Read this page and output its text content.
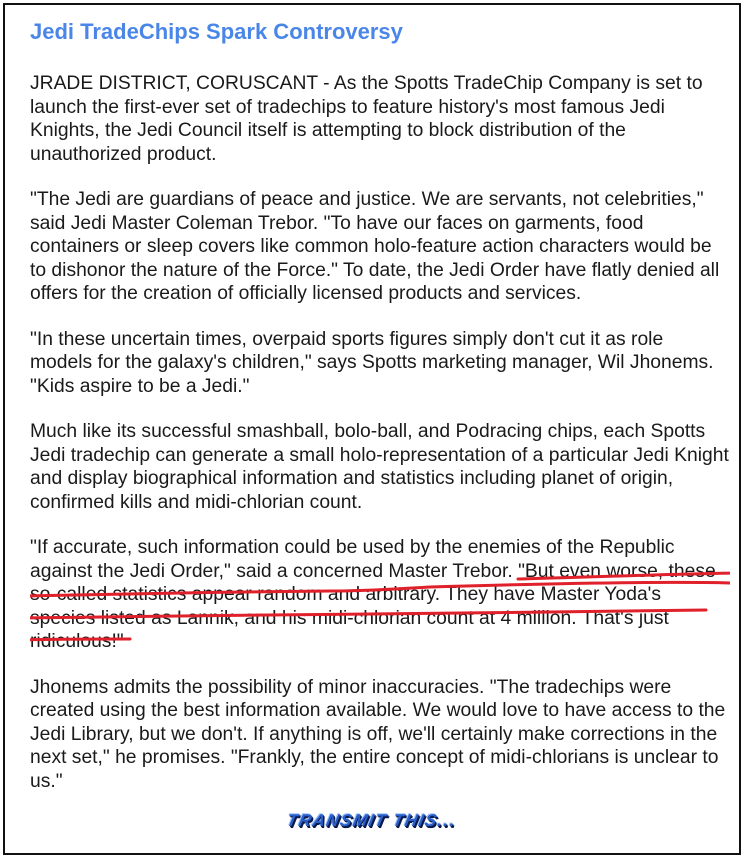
Jedi TradeChips Spark Controversy

JRADE DISTRICT, CORUSCANT - As the Spotts TradeChip Company is set to launch the first-ever set of tradechips to feature history's most famous Jedi Knights, the Jedi Council itself is attempting to block distribution of the unauthorized product.

"The Jedi are guardians of peace and justice. We are servants, not celebrities," said Jedi Master Coleman Trebor. "To have our faces on garments, food containers or sleep covers like common holo-feature action characters would be to dishonor the nature of the Force." To date, the Jedi Order have flatly denied all offers for the creation of officially licensed products and services.

"In these uncertain times, overpaid sports figures simply don't cut it as role models for the galaxy's children," says Spotts marketing manager, Wil Jhonems. "Kids aspire to be a Jedi."

Much like its successful smashball, bolo-ball, and Podracing chips, each Spotts Jedi tradechip can generate a small holo-representation of a particular Jedi Knight and display biographical information and statistics including planet of origin, confirmed kills and midi-chlorian count.

"If accurate, such information could be used by the enemies of the Republic against the Jedi Order," said a concerned Master Trebor. "But even worse, these so-called statistics appear random and arbitrary. They have Master Yoda's species listed as Lannik, and his midi-chlorian count at 4 million. That's just ridiculous!"

Jhonems admits the possibility of minor inaccuracies. "The tradechips were created using the best information available. We would love to have access to the Jedi Library, but we don't. If anything is off, we'll certainly make corrections in the next set," he promises. "Frankly, the entire concept of midi-chlorians is unclear to us."

TRANSMIT THIS...
